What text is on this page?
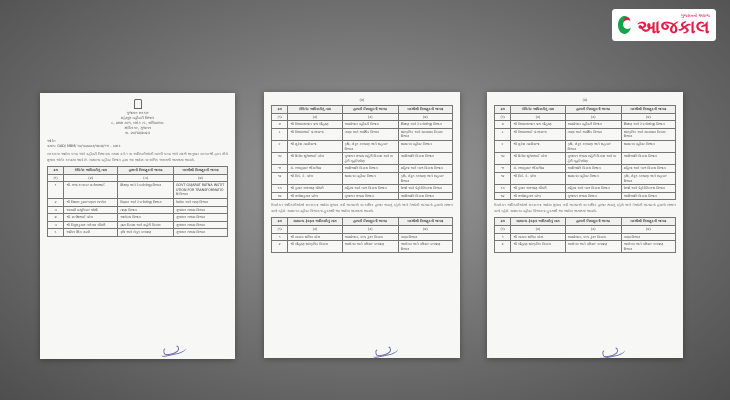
ગુજરાતનો અવાજ
આજકાલ
ગુજરાત સરકાર
મહેસૂલ વહીવટી વિભાગ
૮, પ્રથમ માળ, બ્લોક નં., સચિવાલય
ગાંધીનગર, ગુજરાત
તા. ૨૦/૧૨/૨૦૨૩
ઓર્ડર:
ક્રમાંક: GAD/ MBM/ ૧૦/૧૦૨૦૨૩/૧૪૬૪/૧૧૧ - ક્રમાંક

સરકારના આદેશ કરવા અંગે વહીવટી વિભાગના તમામ વર્ગ-૧ ના અધિકારીઓની બદલી કરવા અંગે સંદર્ભ અનુસાર સરકારશ્રી દ્વારા નીચે મુજબ ઓર્ડર કરવામાં આવે છે. સામાન્ય વહીવટ વિભાગ દ્વારા આ આદેશ તાત્કાલિક અસરથી અમલમાં આવશે.

ક્રમ	કેબિનેટ અધિકારીનું નામ	હાલની નિમણૂકની જગ્યા	બદલીથી નિમણૂકની જગ્યા
(૧)	(૨)	(૩)	(૪)
૧	શ્રી. રાજ રત્નાકર મનોજભાઈ	શિક્ષણ અને ટેકનોલોજી વિભાગ	GOVT GUJARAT RATNA INSTITUTION FOR TRANSFORMATION વિભાગ
૨	શ્રી વિશાલ કુમારકણાત સત્યેન	વિજ્ઞાન અને ટેક્નોલોજી વિભાગ	ઉદ્યોગ અને ખાણ વિભાગ
૩	અનામી પ્રસૂતિકાર જોષી	નાણા વિભાગ	ગુજરાત રાજ્ય વિભાગ
૪	શ્રી. મનીષભાઈ પટેલ	આરોગ્ય વિભાગ	ગુજરાત રાજ્ય વિભાગ
૫	શ્રી વિપુલકુમાર નરોત્તમ ચૌધરી	ગ્રામ વિકાસ અને શહેરી વિકાસ	ગુજરાત રાજ્ય વિભાગ
૬	અમિત સિંગ ગઢવી	કૃષિ અને ખેડૂત કલ્યાણ	ગુજરાત રાજ્ય વિભાગ
(૨)
ક્રમ	કેબિનેટ અધિકારીનું નામ	હાલની નિમણૂકની જગ્યા	બદલીથી નિમણૂકની જગ્યા
(૧)	(૨)	(૩)	(૪)
૭	શ્રી વિજયરાજન ડાભ ચૌહાણ	આયોજન વહીવટી વિભાગ	શિક્ષણ અને ટેકનોલોજી વિભાગ
૮	શ્રી વિજયભાઈ ડાંગરવાળા	નાણા અને આર્થિક વિભાગ	સાંસ્કૃતિક અને યાત્રાધામ વિકાસ વિભાગ
૯	શ્રી મુકેશ ગઢવીવાળા	કૃષિ, ખેડૂત કલ્યાણ અને સહકાર વિભાગ	સામાન્ય વહીવટ વિભાગ
૧૦	શ્રી દિનેશ સુરેશભાઈ પટેલ	ગુજરાત રાજ્ય શહેરી વિકાસ અને શહેરી ગૃહનિર્માણ	આદિજાતિ વિકાસ વિભાગ
૧૧	ડૉ. રાજકુમાર ભીંડારીયા	આદિજાતિ વિકાસ વિભાગ	મહિલા અને બાળ વિકાસ વિભાગ
૧૨	શ્રી વિકે. કે. પટેલ	સામાન્ય વહીવટ વિભાગ	કૃષિ, ખેડૂત કલ્યાણ અને સહકાર વિભાગ
૧૩	શ્રી કુમાર અરજણ ચૌધરી	મહિલા અને બાળ વિકાસ વિભાગ	ઉર્જા અને પેટ્રોકેમિકલ્સ વિભાગ
૧૪	શ્રી રાજેશકુમાર પટેલ	ગુજરાત રાજ્ય વિભાગ	આદિજાતિ વિકાસ વિભાગ

ઉપરોક્ત અધિકારીઓએ સરકારના આદેશ મુજબ નવી જગ્યાએ તાત્કાલિક હાજર થવાનું રહેશે અને તેઓની જગ્યાનો હવાલો સંભાળવાનો રહેશે. સામાન્ય વહીવટ વિભાગના હુકમથી આ આદેશ અમલમાં આવશે.

ક્રમ	સામાન્ય ફેરફાર અધિકારીનું નામ	હાલની નિમણૂકની જગ્યા	બદલીથી નિમણૂકની જગ્યા
(૧)	(૨)	(૩)	(૪)
૧	શ્રી નાયબ સચિવ પટેલ	આયોજન, કલ્પ ડુંગર વિકાસ	નાણા વિભાગ
૨	શ્રી ચૌહાણ સાંસ્કૃતિક વિકાસ	આરોગ્ય અને પરિવાર કલ્યાણ	આરોગ્ય અને પરિવાર કલ્યાણ વિભાગ
(૨)
ક્રમ	કેબિનેટ અધિકારીનું નામ	હાલની નિમણૂકની જગ્યા	બદલીથી નિમણૂકની જગ્યા
(૧)	(૨)	(૩)	(૪)
૭	શ્રી વિજયરાજન ડાભ ચૌહાણ	આયોજન વહીવટી વિભાગ	શિક્ષણ અને ટેકનોલોજી વિભાગ
૮	શ્રી વિજયભાઈ ડાંગરવાળા	નાણા અને આર્થિક વિભાગ	સાંસ્કૃતિક અને યાત્રાધામ વિકાસ વિભાગ
૯	શ્રી મુકેશ ગઢવીવાળા	કૃષિ, ખેડૂત કલ્યાણ અને સહકાર વિભાગ	સામાન્ય વહીવટ વિભાગ
૧૦	શ્રી દિનેશ સુરેશભાઈ પટેલ	ગુજરાત રાજ્ય શહેરી વિકાસ અને શહેરી ગૃહનિર્માણ	આદિજાતિ વિકાસ વિભાગ
૧૧	ડૉ. રાજકુમાર ભીંડારીયા	આદિજાતિ વિકાસ વિભાગ	મહિલા અને બાળ વિકાસ વિભાગ
૧૨	શ્રી વિકે. કે. પટેલ	સામાન્ય વહીવટ વિભાગ	કૃષિ, ખેડૂત કલ્યાણ અને સહકાર વિભાગ
૧૩	શ્રી કુમાર અરજણ ચૌધરી	મહિલા અને બાળ વિકાસ વિભાગ	ઉર્જા અને પેટ્રોકેમિકલ્સ વિભાગ
૧૪	શ્રી રાજેશકુમાર પટેલ	ગુજરાત રાજ્ય વિભાગ	આદિજાતિ વિકાસ વિભાગ

ઉપરોક્ત અધિકારીઓએ સરકારના આદેશ મુજબ નવી જગ્યાએ તાત્કાલિક હાજર થવાનું રહેશે અને તેઓની જગ્યાનો હવાલો સંભાળવાનો રહેશે. સામાન્ય વહીવટ વિભાગના હુકમથી આ આદેશ અમલમાં આવશે.

ક્રમ	સામાન્ય ફેરફાર અધિકારીનું નામ	હાલની નિમણૂકની જગ્યા	બદલીથી નિમણૂકની જગ્યા
(૧)	(૨)	(૩)	(૪)
૧	શ્રી નાયબ સચિવ પટેલ	આયોજન, કલ્પ ડુંગર વિકાસ	નાણા વિભાગ
૨	શ્રી ચૌહાણ સાંસ્કૃતિક વિકાસ	આરોગ્ય અને પરિવાર કલ્યાણ	આરોગ્ય અને પરિવાર કલ્યાણ વિભાગ
